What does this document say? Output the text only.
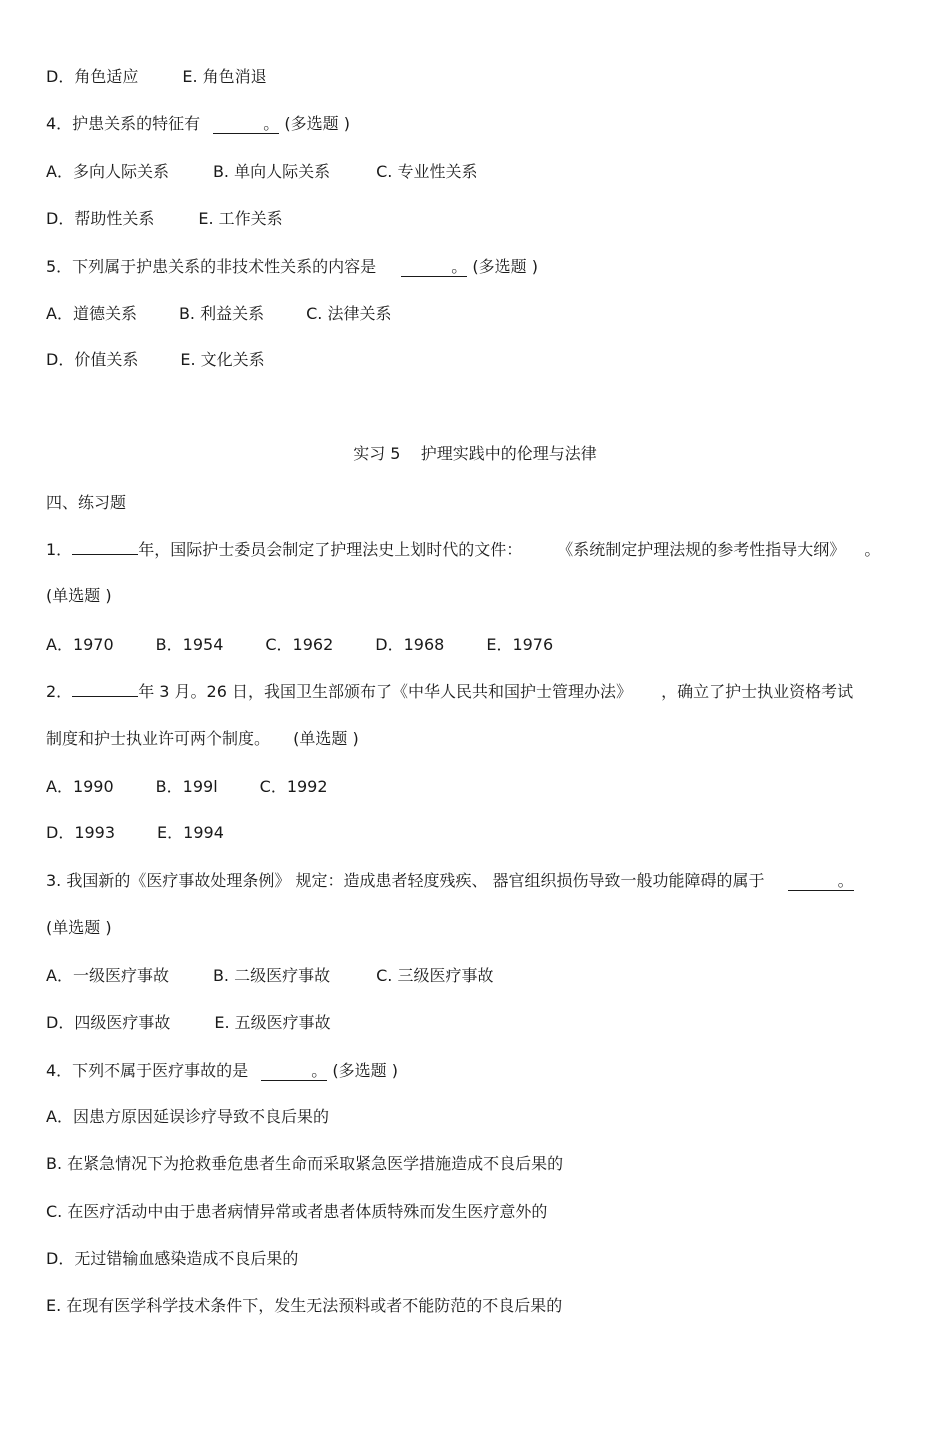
D．角色适应	E. 角色消退
4．护患关系的特征有	。 (多选题 )
A．多向人际关系	B. 单向人际关系	C. 专业性关系
D．帮助性关系	E. 工作关系
5．下列属于护患关系的非技术性关系的内容是	。 (多选题 )
A．道德关系	B. 利益关系	C. 法律关系
D．价值关系	E. 文化关系
实习 5    护理实践中的伦理与法律
四、练习题
1．	年，国际护士委员会制定了护理法史上划时代的文件： 《系统制定护理法规的参考性指导大纲》 。
(单选题 )
A．1970	B．1954	C．1962	D．1968	E．1976
2．	年 3 月。26 日，我国卫生部颁布了《中华人民共和国护士管理办法》 ，确立了护士执业资格考试
制度和护士执业许可两个制度。 (单选题 )
A．1990	B．199l	C．1992
D．1993	E．1994
3. 我国新的《医疗事故处理条例》 规定：造成患者轻度残疾、 器官组织损伤导致一般功能障碍的属于	。
(单选题 )
A．一级医疗事故	B. 二级医疗事故	C. 三级医疗事故
D．四级医疗事故	E. 五级医疗事故
4．下列不属于医疗事故的是	。 (多选题 )
A．因患方原因延误诊疗导致不良后果的
B. 在紧急情况下为抢救垂危患者生命而采取紧急医学措施造成不良后果的
C. 在医疗活动中由于患者病情异常或者患者体质特殊而发生医疗意外的
D．无过错输血感染造成不良后果的
E. 在现有医学科学技术条件下，发生无法预料或者不能防范的不良后果的
